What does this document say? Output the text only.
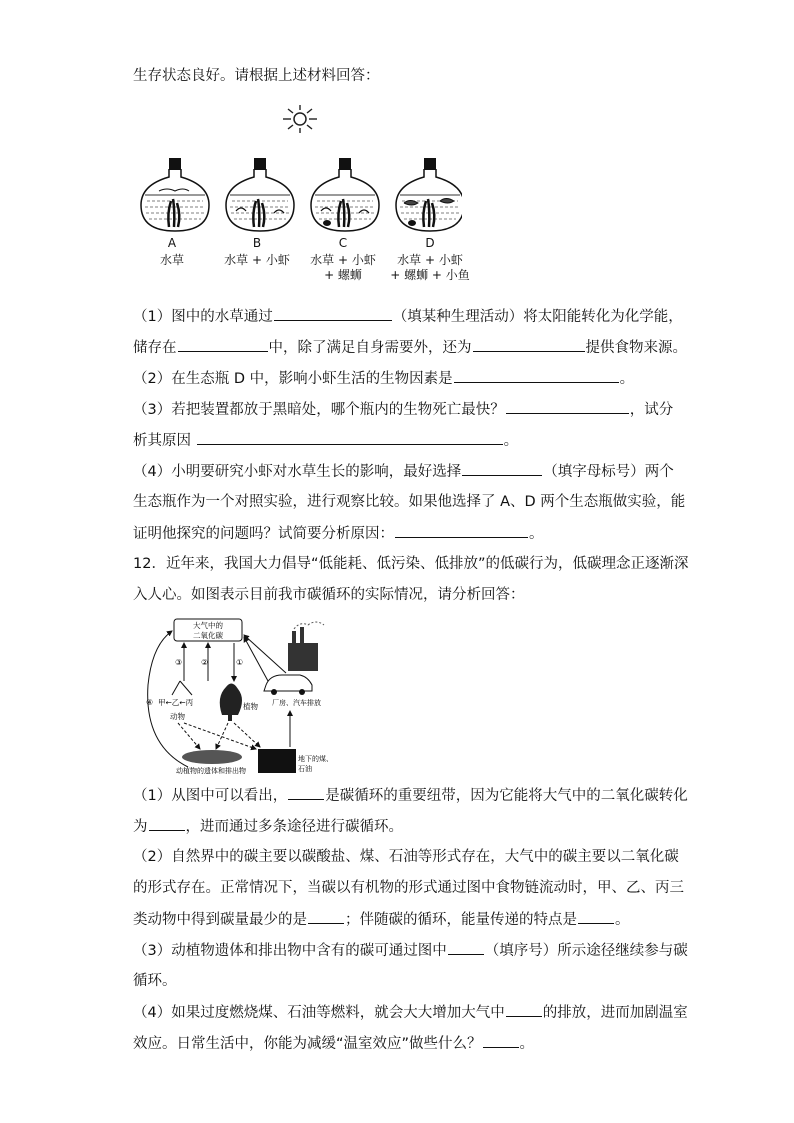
生存状态良好。请根据上述材料回答：
A
水草
B
水草 + 小虾
C
水草 + 小虾
+ 螺蛳
D
水草 + 小虾
+ 螺蛳 + 小鱼
（1）图中的水草通过	（填某种生理活动）将太阳能转化为化学能，
储存在	中，除了满足自身需要外，还为	提供食物来源。
（2）在生态瓶 D 中，影响小虾生活的生物因素是	。
（3）若把装置都放于黑暗处，哪个瓶内的生物死亡最快？	，试分
析其原因	。
（4）小明要研究小虾对水草生长的影响，最好选择	（填字母标号）两个
生态瓶作为一个对照实验，进行观察比较。如果他选择了 A、D 两个生态瓶做实验，能
证明他探究的问题吗？试简要分析原因：	。
12．近年来，我国大力倡导“低能耗、低污染、低排放”的低碳行为，低碳理念正逐渐深
入人心。如图表示目前我市碳循环的实际情况，请分析回答：
大气中的
二氧化碳
③ ②	①
④ 甲←乙←丙
动物
植物
动植物的遗体和排出物
地下的煤、
石油
厂房、汽车排放
（1）从图中可以看出，	是碳循环的重要纽带，因为它能将大气中的二氧化碳转化
为	，进而通过多条途径进行碳循环。
（2）自然界中的碳主要以碳酸盐、煤、石油等形式存在，大气中的碳主要以二氧化碳
的形式存在。正常情况下，当碳以有机物的形式通过图中食物链流动时，甲、乙、丙三
类动物中得到碳量最少的是	；伴随碳的循环，能量传递的特点是	。
（3）动植物遗体和排出物中含有的碳可通过图中	（填序号）所示途径继续参与碳
循环。
（4）如果过度燃烧煤、石油等燃料，就会大大增加大气中	的排放，进而加剧温室
效应。日常生活中，你能为减缓“温室效应”做些什么？	。
